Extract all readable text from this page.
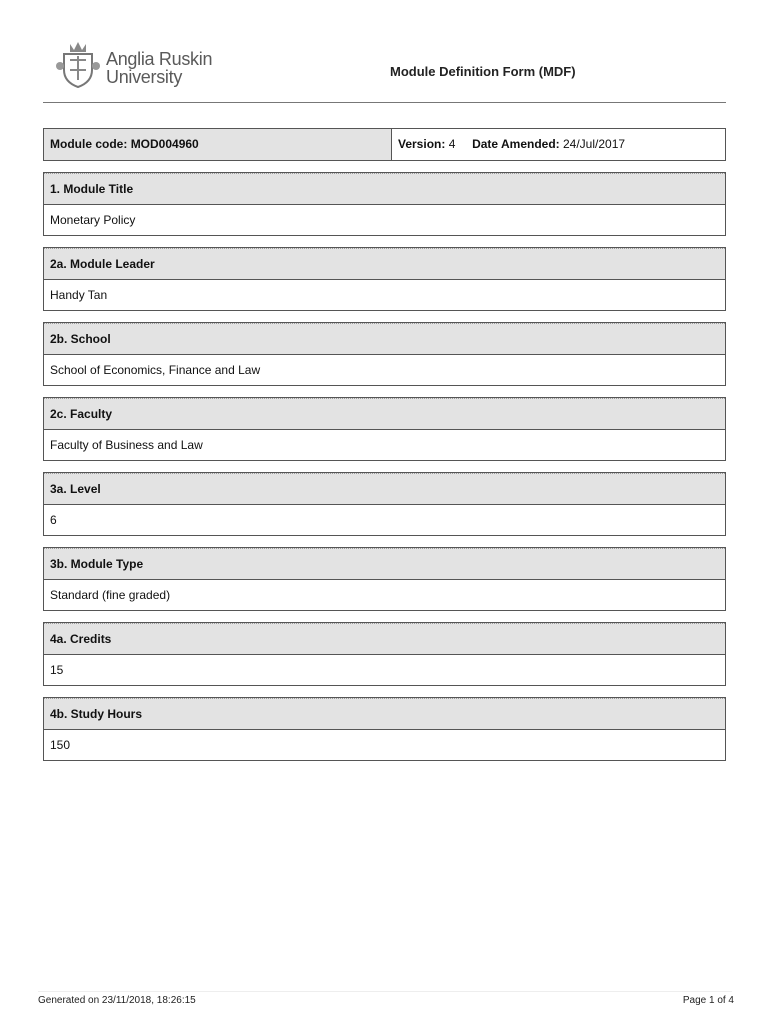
Anglia Ruskin
University	Module Definition Form (MDF)
Module code: MOD004960	Version: 4 Date Amended: 24/Jul/2017
1. Module Title
Monetary Policy
2a. Module Leader
Handy Tan
2b. School
School of Economics, Finance and Law
2c. Faculty
Faculty of Business and Law
3a. Level
6
3b. Module Type
Standard (fine graded)
4a. Credits
15
4b. Study Hours
150
Generated on 23/11/2018, 18:26:15	Page 1 of 4
